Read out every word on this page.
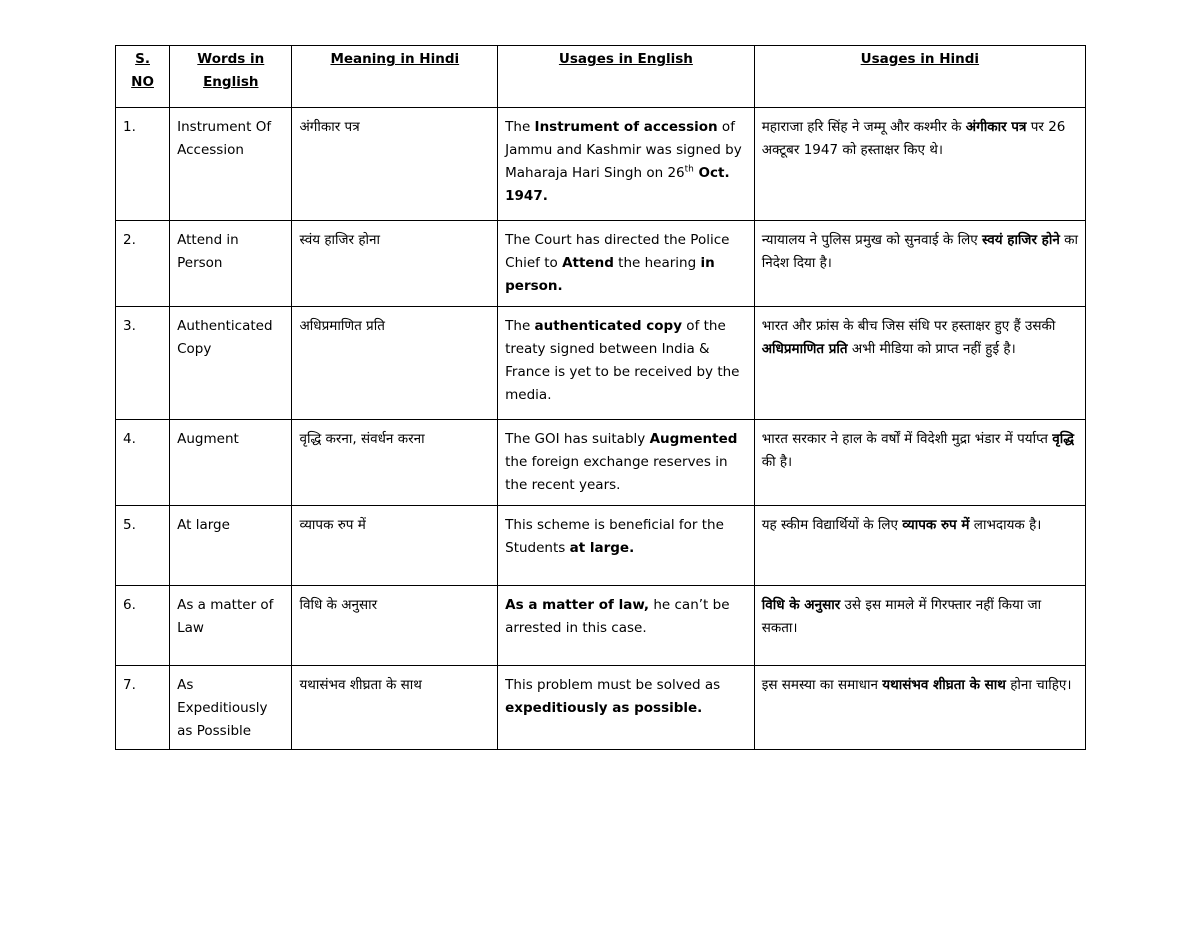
S. NO	Words in English	Meaning in Hindi	Usages in English	Usages in Hindi
1.	Instrument Of Accession	अंगीकार पत्र	The Instrument of accession of Jammu and Kashmir was signed by Maharaja Hari Singh on 26th Oct. 1947.	महाराजा हरि सिंह ने जम्मू और कश्मीर के अंगीकार पत्र पर 26 अक्टूबर 1947 को हस्ताक्षर किए थे।
2.	Attend in Person	स्वंय हाजिर होना	The Court has directed the Police Chief to Attend the hearing in person.	न्यायालय ने पुलिस प्रमुख को सुनवाई के लिए स्वयं हाजिर होने का निदेश दिया है।
3.	Authenticated Copy	अधिप्रमाणित प्रति	The authenticated copy of the treaty signed between India & France is yet to be received by the media.	भारत और फ्रांस के बीच जिस संधि पर हस्ताक्षर हुए हैं उसकी अधिप्रमाणित प्रति अभी मीडिया को प्राप्त नहीं हुई है।
4.	Augment	वृद्धि करना, संवर्धन करना	The GOI has suitably Augmented the foreign exchange reserves in the recent years.	भारत सरकार ने हाल के वर्षों में विदेशी मुद्रा भंडार में पर्याप्त वृद्धि की है।
5.	At large	व्यापक रुप में	This scheme is beneficial for the Students at large.	यह स्कीम विद्यार्थियों के लिए व्यापक रुप में लाभदायक है।
6.	As a matter of Law	विधि के अनुसार	As a matter of law, he can’t be arrested in this case.	विधि के अनुसार उसे इस मामले में गिरफ्तार नहीं किया जा सकता।
7.	As Expeditiously as Possible	यथासंभव शीघ्रता के साथ	This problem must be solved as expeditiously as possible.	इस समस्या का समाधान यथासंभव शीघ्रता के साथ होना चाहिए।
